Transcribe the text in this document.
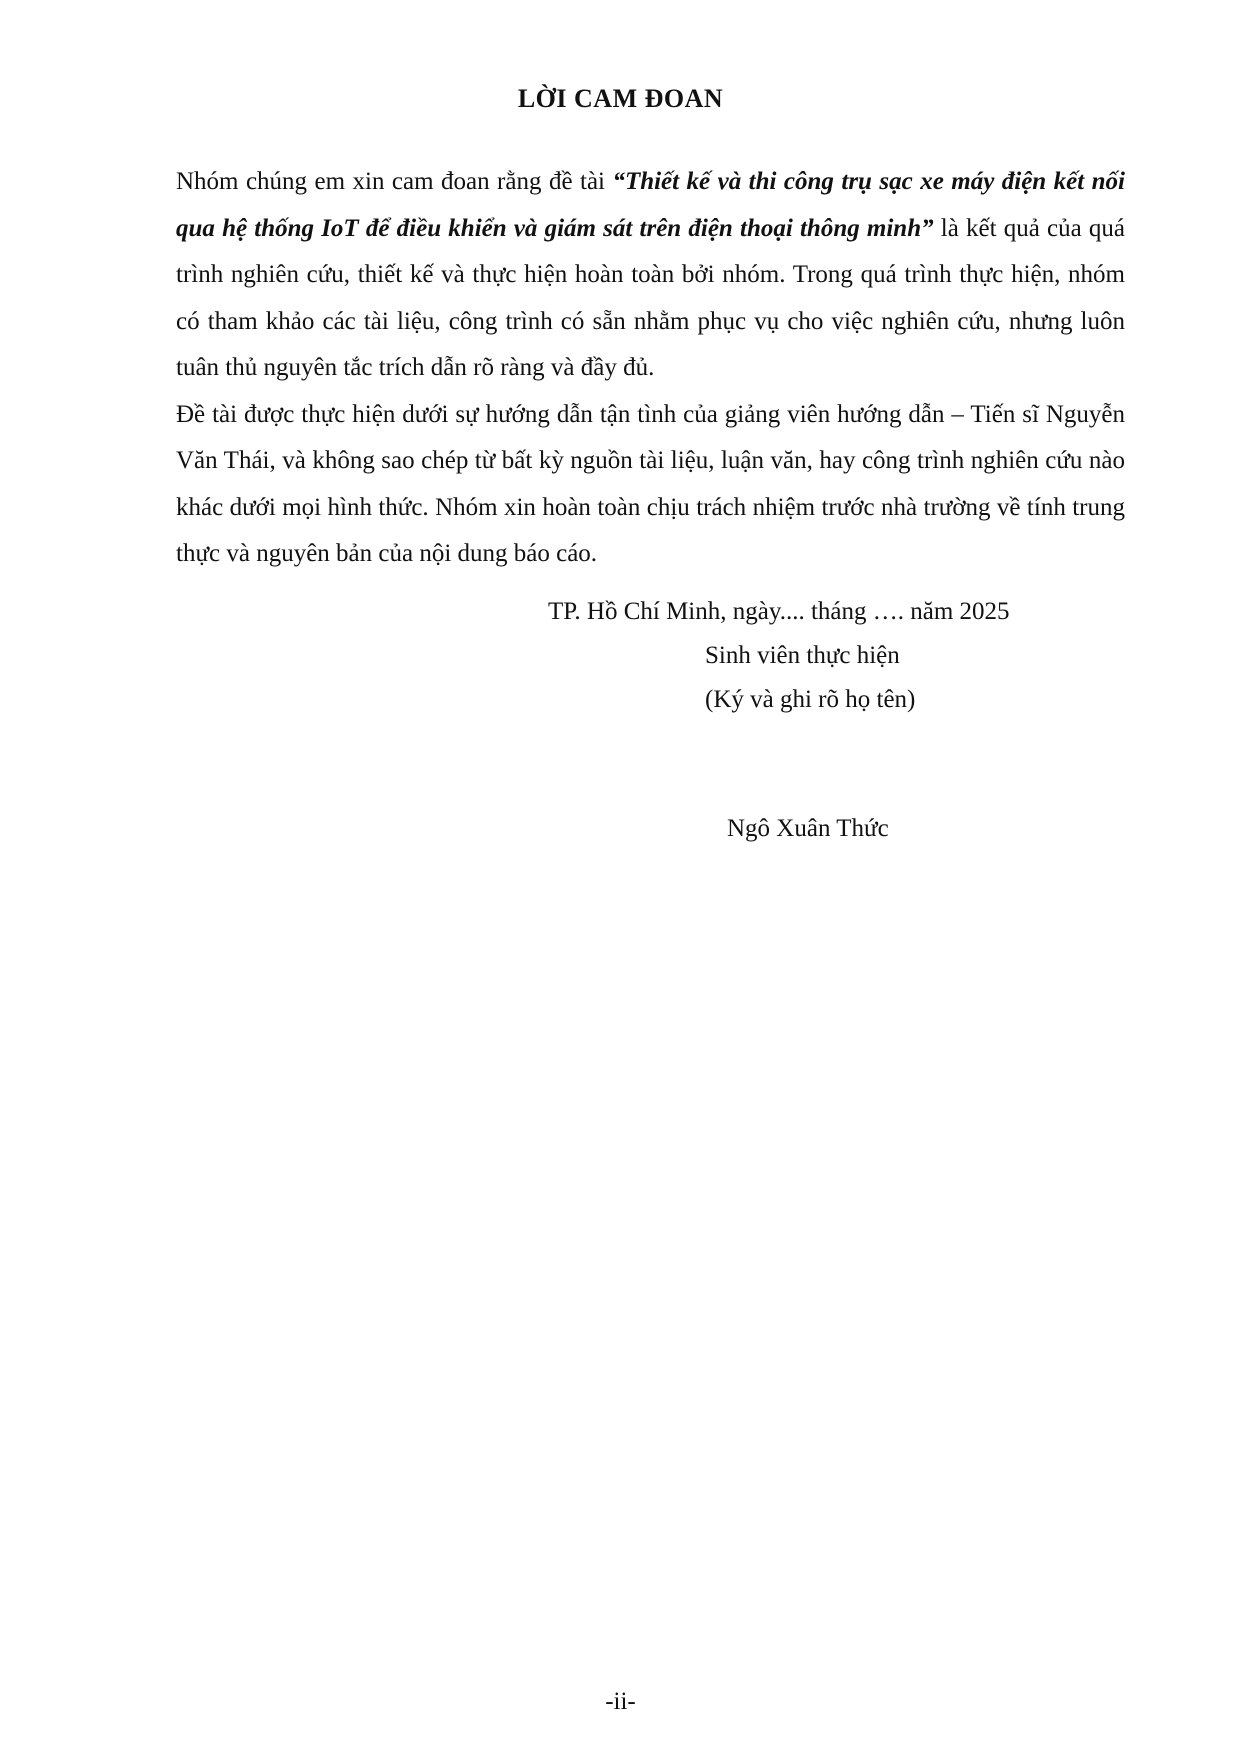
LỜI CAM ĐOAN

Nhóm chúng em xin cam đoan rằng đề tài “Thiết kế và thi công trụ sạc xe máy điện kết nối qua hệ thống IoT để điều khiển và giám sát trên điện thoại thông minh” là kết quả của quá trình nghiên cứu, thiết kế và thực hiện hoàn toàn bởi nhóm. Trong quá trình thực hiện, nhóm có tham khảo các tài liệu, công trình có sẵn nhằm phục vụ cho việc nghiên cứu, nhưng luôn tuân thủ nguyên tắc trích dẫn rõ ràng và đầy đủ.

Đề tài được thực hiện dưới sự hướng dẫn tận tình của giảng viên hướng dẫn – Tiến sĩ Nguyễn Văn Thái, và không sao chép từ bất kỳ nguồn tài liệu, luận văn, hay công trình nghiên cứu nào khác dưới mọi hình thức. Nhóm xin hoàn toàn chịu trách nhiệm trước nhà trường về tính trung thực và nguyên bản của nội dung báo cáo.

TP. Hồ Chí Minh, ngày.... tháng …. năm 2025
Sinh viên thực hiện
(Ký và ghi rõ họ tên)
Ngô Xuân Thức
-ii-
